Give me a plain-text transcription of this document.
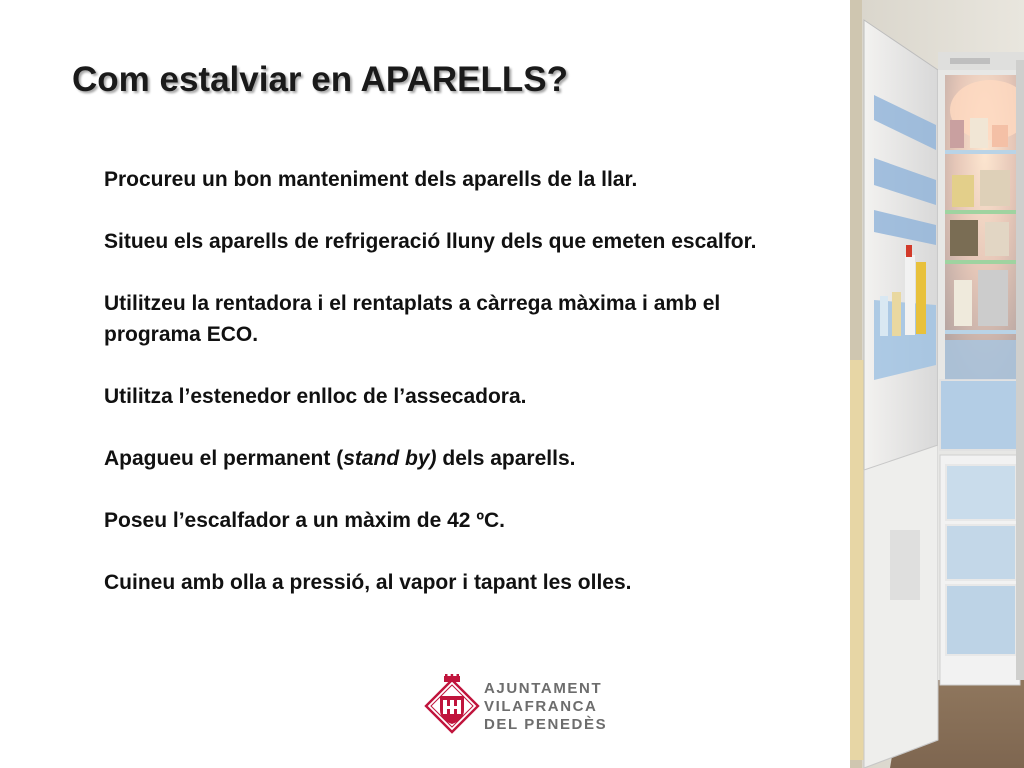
Com estalviar en APARELLS?

Procureu un bon manteniment dels aparells de la llar.

Situeu els aparells de refrigeració lluny dels que emeten escalfor.

Utilitzeu la rentadora i el rentaplats a càrrega màxima i amb el programa ECO.

Utilitza l’estenedor enlloc de l’assecadora.

Apagueu el permanent (stand by) dels aparells.

Poseu l’escalfador a un màxim de 42 ºC.

Cuineu amb olla a pressió, al vapor i tapant les olles.

AJUNTAMENT
VILAFRANCA
DEL PENEDÈS
